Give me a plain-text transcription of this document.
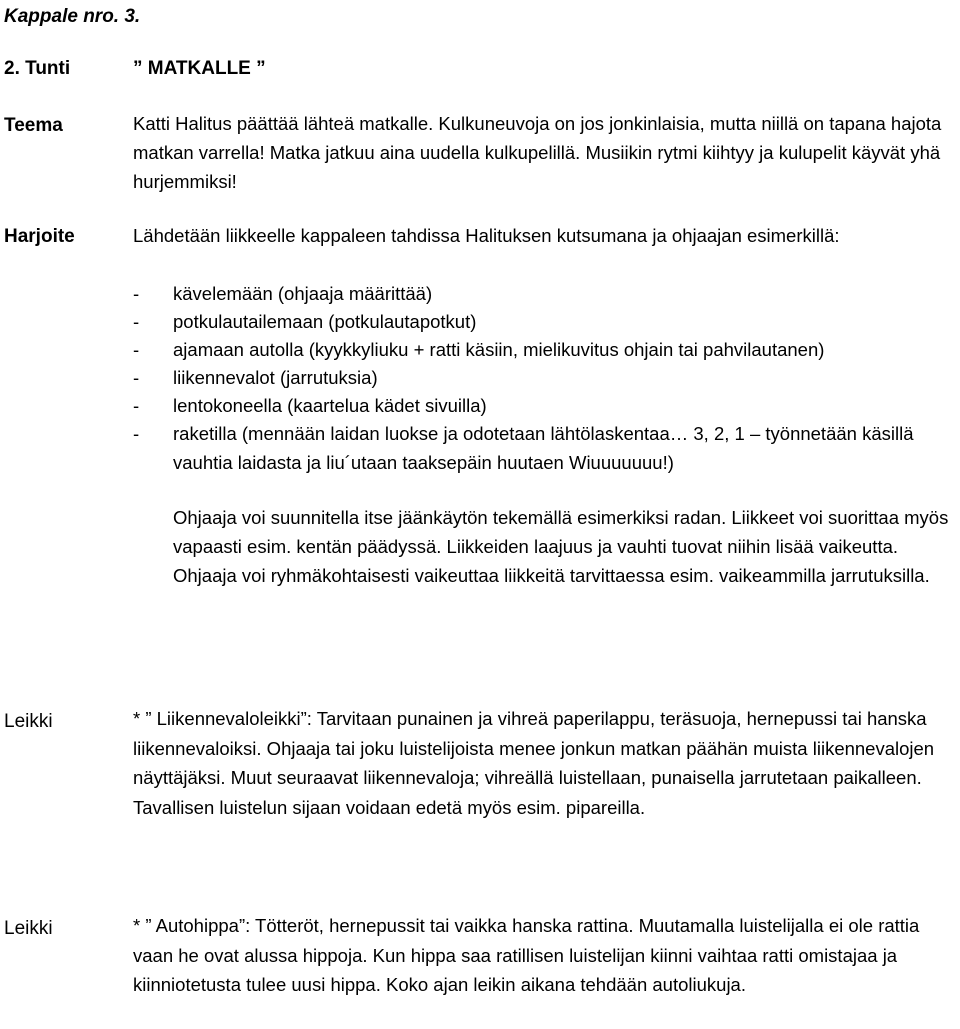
Kappale nro. 3.
2. Tunti	” MATKALLE ”
Teema	Katti Halitus päättää lähteä matkalle. Kulkuneuvoja on jos jonkinlaisia, mutta niillä on tapana hajota matkan varrella! Matka jatkuu aina uudella kulkupelillä. Musiikin rytmi kiihtyy ja kulupelit käyvät yhä hurjemmiksi!

Harjoite	Lähdetään liikkeelle kappaleen tahdissa Halituksen kutsumana ja ohjaajan esimerkillä:

- kävelemään (ohjaaja määrittää)
- potkulautailemaan (potkulautapotkut)
- ajamaan autolla (kyykkyliuku + ratti käsiin, mielikuvitus ohjain tai pahvilautanen)
- liikennevalot (jarrutuksia)
- lentokoneella (kaartelua kädet sivuilla)
- raketilla (mennään laidan luokse ja odotetaan lähtölaskentaa… 3, 2, 1 – työnnetään käsillä vauhtia laidasta ja liu´utaan taaksepäin huutaen Wiuuuuuuu!)

Ohjaaja voi suunnitella itse jäänkäytön tekemällä esimerkiksi radan. Liikkeet voi suorittaa myös vapaasti esim. kentän päädyssä. Liikkeiden laajuus ja vauhti tuovat niihin lisää vaikeutta. Ohjaaja voi ryhmäkohtaisesti vaikeuttaa liikkeitä tarvittaessa esim. vaikeammilla jarrutuksilla.

Leikki	* ” Liikennevaloleikki”: Tarvitaan punainen ja vihreä paperilappu, teräsuoja, hernepussi tai hanska liikennevaloiksi. Ohjaaja tai joku luistelijoista menee jonkun matkan päähän muista liikennevalojen näyttäjäksi. Muut seuraavat liikennevaloja; vihreällä luistellaan, punaisella jarrutetaan paikalleen. Tavallisen luistelun sijaan voidaan edetä myös esim. pipareilla.

Leikki	* ” Autohippa”: Tötteröt, hernepussit tai vaikka hanska rattina. Muutamalla luistelijalla ei ole rattia vaan he ovat alussa hippoja. Kun hippa saa ratillisen luistelijan kiinni vaihtaa ratti omistajaa ja kiinniotetusta tulee uusi hippa. Koko ajan leikin aikana tehdään autoliukuja.
